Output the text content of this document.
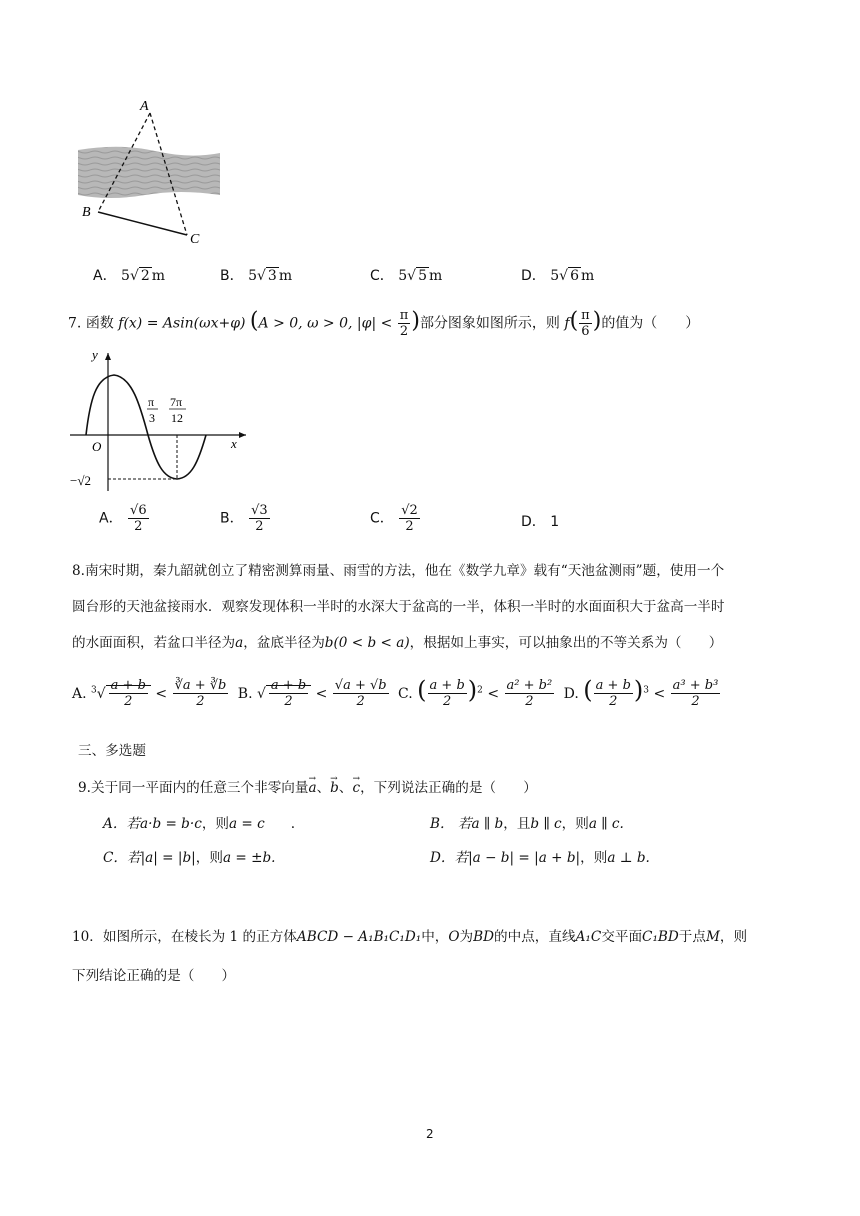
A
B
C
A． 5√ 2 m	B． 5√ 3 m	C． 5√ 5 m	D． 5√ 6 m
7. 函数 f(x) = Asin(ωx+φ) (A > 0, ω > 0, $|\varphi| < \frac{\pi}{2}$ )部分图象如图所示，则 $f( \frac{\pi}{6}$ )的值为（　　）
y
x
O
π
3
7π
12
−√2
A． $\frac{√6}{2}$	B． $\frac{√3}{2}$	C． $\frac{√2}{2}$	D． 1
8.南宋时期，秦九韶就创立了精密测算雨量、雨雪的方法，他在《数学九章》载有“天池盆测雨”题，使用一个
圆台形的天池盆接雨水．观察发现体积一半时的水深大于盆高的一半，体积一半时的水面面积大于盆高一半时
的水面面积，若盆口半径为a，盆底半径为b(0 < b < a)，根据如上事实，可以抽象出的不等关系为（　　）
A. $^3√ \frac{a + b}{2} < \frac{∛a + ∛b}{2} B$. √ $\frac{a + b}{2} < \frac{√a + √b}{2} C$. ( $\frac{a + b}{2} )^2 < \frac{\text{a² + b²}}{2} D$. ( $\frac{a + b}{2} )^3 < \frac{\text{a³ + b³}}{2}$
三、多选题
9.关于同一平面内的任意三个非零向量→ a、→ b、→ c，下列说法正确的是（　　）
A．若a·b = b·c，则a = c .	B． 若a ∥ b，且b ∥ c，则a ∥ c.
C．若|a| = |b|，则a = ±b.	D．若|a − b| = |a + b|，则a ⊥ b.
10．如图所示，在棱长为 1 的正方体ABCD − A₁B₁C₁D₁中，O为BD的中点，直线A₁C交平面C₁BD于点M，则
下列结论正确的是（　　）
2
